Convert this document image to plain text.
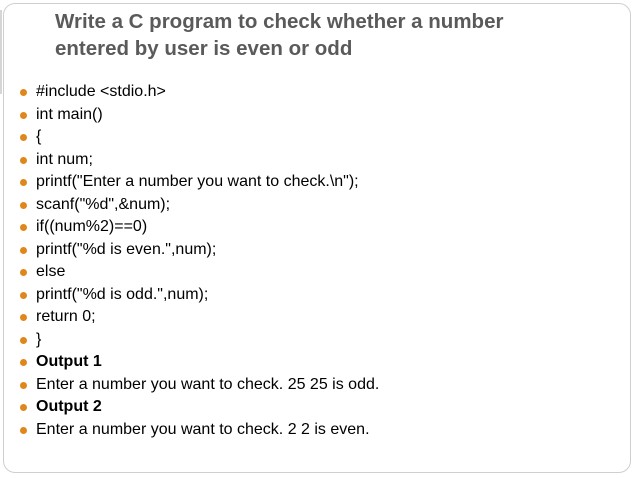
Write a C program to check whether a number
entered by user is even or odd
#include <stdio.h>
int main()
{
int num;
printf("Enter a number you want to check.\n");
scanf("%d",&num);
if((num%2)==0)
printf("%d is even.",num);
else
printf("%d is odd.",num);
return 0;
}
Output 1
Enter a number you want to check. 25 25 is odd.
Output 2
Enter a number you want to check. 2 2 is even.
